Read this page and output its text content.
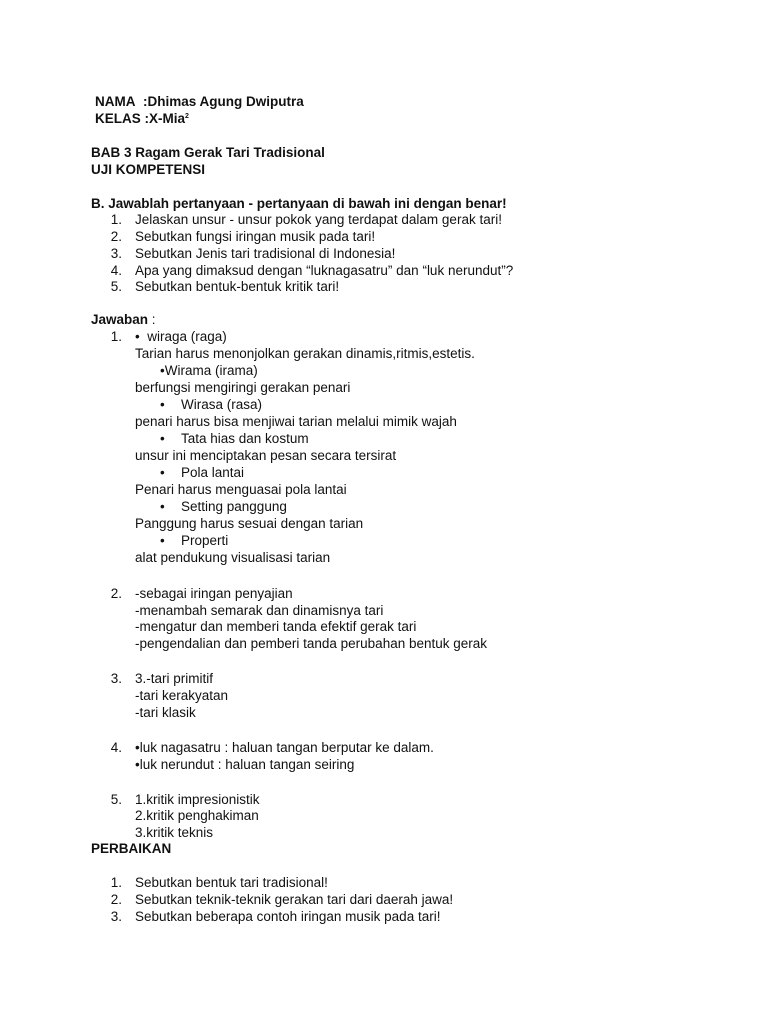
NAMA :Dhimas Agung Dwiputra
KELAS :X-Mia$^2$
BAB 3 Ragam Gerak Tari Tradisional
UJI KOMPETENSI
B. Jawablah pertanyaan - pertanyaan di bawah ini dengan benar!
1. Jelaskan unsur - unsur pokok yang terdapat dalam gerak tari!
2. Sebutkan fungsi iringan musik pada tari!
3. Sebutkan Jenis tari tradisional di Indonesia!
4. Apa yang dimaksud dengan “luknagasatru” dan “luk nerundut”?
5. Sebutkan bentuk-bentuk kritik tari!
Jawaban :
1. • wiraga (raga)
Tarian harus menonjolkan gerakan dinamis,ritmis,estetis.
•Wirama (irama)
berfungsi mengiringi gerakan penari
• Wirasa (rasa)
penari harus bisa menjiwai tarian melalui mimik wajah
• Tata hias dan kostum
unsur ini menciptakan pesan secara tersirat
• Pola lantai
Penari harus menguasai pola lantai
• Setting panggung
Panggung harus sesuai dengan tarian
• Properti
alat pendukung visualisasi tarian
2. -sebagai iringan penyajian
-menambah semarak dan dinamisnya tari
-mengatur dan memberi tanda efektif gerak tari
-pengendalian dan pemberi tanda perubahan bentuk gerak
3. 3.-tari primitif
-tari kerakyatan
-tari klasik
4. •luk nagasatru : haluan tangan berputar ke dalam.
•luk nerundut : haluan tangan seiring
5. 1.kritik impresionistik
2.kritik penghakiman
3.kritik teknis
PERBAIKAN
1. Sebutkan bentuk tari tradisional!
2. Sebutkan teknik-teknik gerakan tari dari daerah jawa!
3. Sebutkan beberapa contoh iringan musik pada tari!
